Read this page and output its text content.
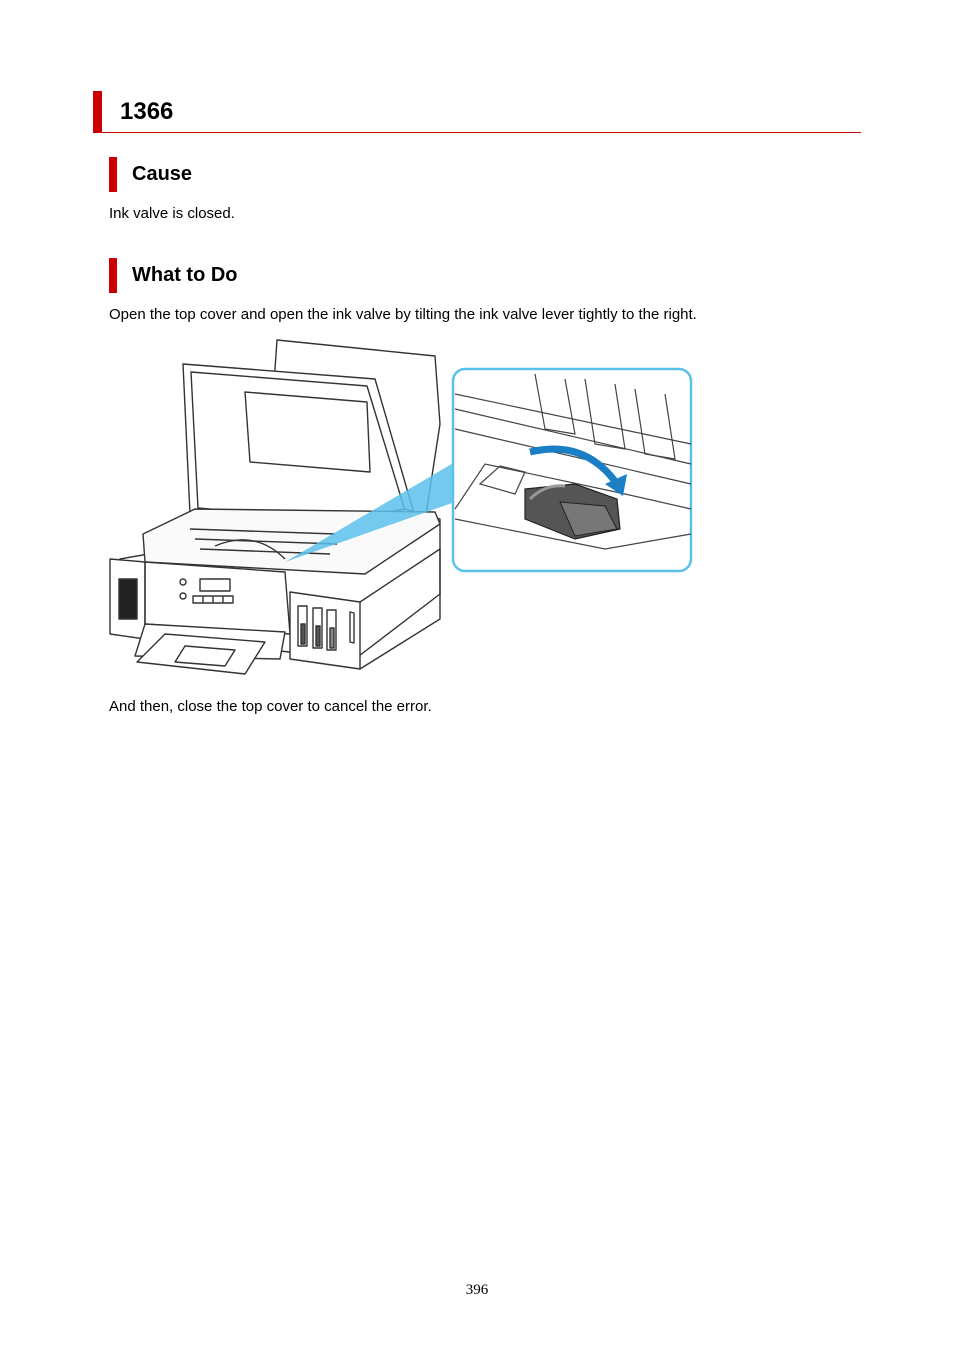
1366
Cause
Ink valve is closed.
What to Do
Open the top cover and open the ink valve by tilting the ink valve lever tightly to the right.
And then, close the top cover to cancel the error.
396
